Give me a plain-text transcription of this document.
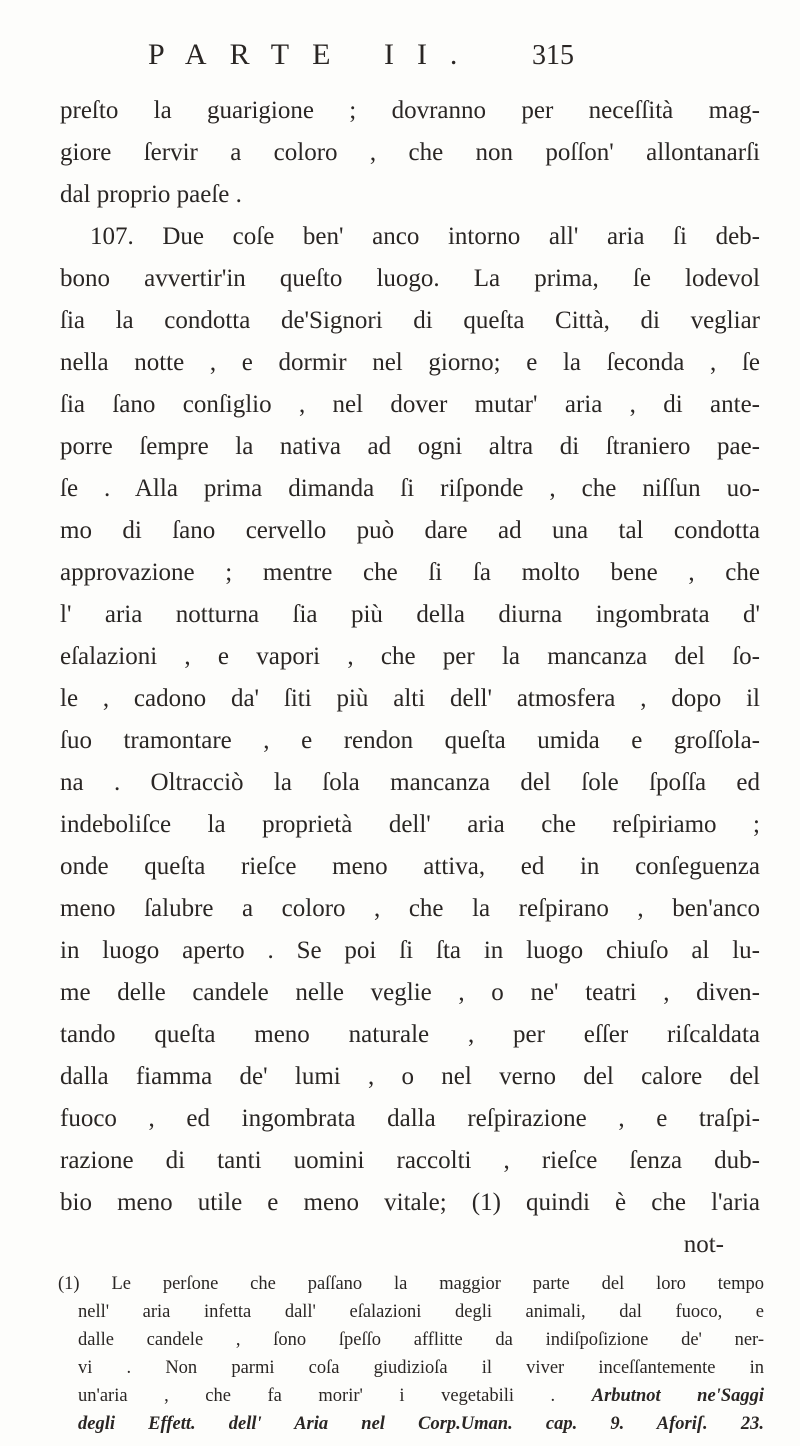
PARTE II. 315
preſto la guarigione ; dovranno per neceſſità mag-
giore ſervir a coloro , che non poſſon' allontanarſi
dal proprio paeſe .
107. Due coſe ben' anco intorno all' aria ſi deb-
bono avvertir'in queſto luogo. La prima, ſe lodevol
ſia la condotta de'Signori di queſta Città, di vegliar
nella notte , e dormir nel giorno; e la ſeconda , ſe
ſia ſano conſiglio , nel dover mutar' aria , di ante-
porre ſempre la nativa ad ogni altra di ſtraniero pae-
ſe . Alla prima dimanda ſi riſponde , che niſſun uo-
mo di ſano cervello può dare ad una tal condotta
approvazione ; mentre che ſi ſa molto bene , che
l' aria notturna ſia più della diurna ingombrata d'
eſalazioni , e vapori , che per la mancanza del ſo-
le , cadono da' ſiti più alti dell' atmosfera , dopo il
ſuo tramontare , e rendon queſta umida e groſſola-
na . Oltracciò la ſola mancanza del ſole ſpoſſa ed
indeboliſce la proprietà dell' aria che reſpiriamo ;
onde queſta rieſce meno attiva, ed in conſeguenza
meno ſalubre a coloro , che la reſpirano , ben'anco
in luogo aperto . Se poi ſi ſta in luogo chiuſo al lu-
me delle candele nelle veglie , o ne' teatri , diven-
tando queſta meno naturale , per eſſer riſcaldata
dalla fiamma de' lumi , o nel verno del calore del
fuoco , ed ingombrata dalla reſpirazione , e traſpi-
razione di tanti uomini raccolti , rieſce ſenza dub-
bio meno utile e meno vitale; (1) quindi è che l'aria
not-
(1) Le perſone che paſſano la maggior parte del loro tempo
nell' aria infetta dall' eſalazioni degli animali, dal fuoco, e
dalle candele , ſono ſpeſſo afflitte da indiſpoſizione de' ner-
vi . Non parmi coſa giudizioſa il viver inceſſantemente in
un'aria , che fa morir' i vegetabili . Arbutnot ne'Saggi
degli Effett. dell' Aria nel Corp.Uman. cap. 9. Aforiſ. 23.
